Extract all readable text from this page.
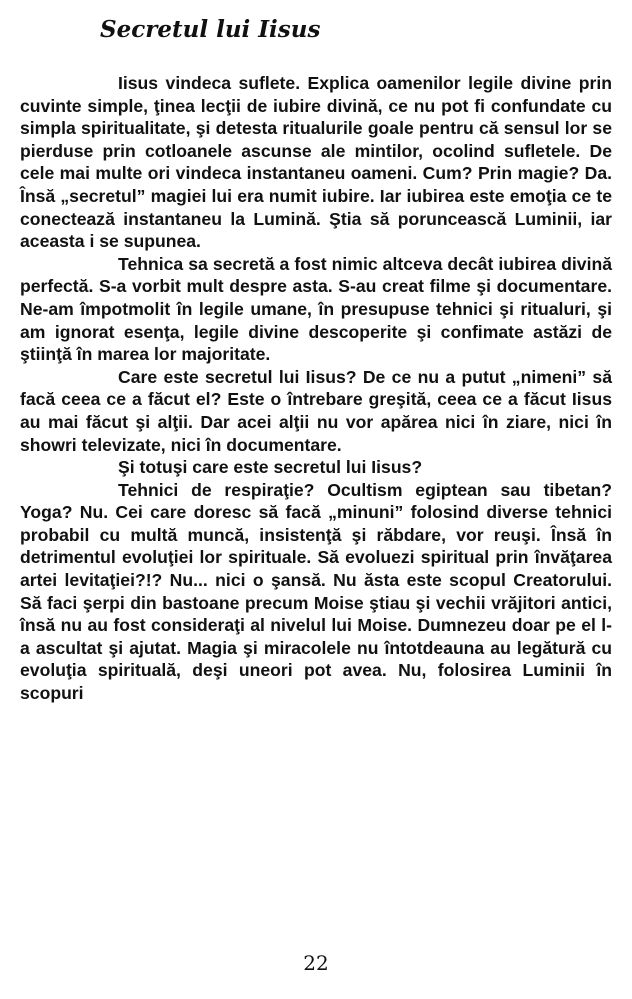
Secretul lui Iisus

Iisus vindeca suflete. Explica oamenilor legile divine prin cuvinte simple, ţinea lecţii de iubire divină, ce nu pot fi confundate cu simpla spiritualitate, şi detesta ritualurile goale pentru că sensul lor se pierduse prin cotloanele ascunse ale mintilor, ocolind sufletele. De cele mai multe ori vindeca instantaneu oameni. Cum? Prin magie? Da. Însă „secretul” magiei lui era numit iubire. Iar iubirea este emoţia ce te conectează instantaneu la Lumină. Ştia să poruncească Luminii, iar aceasta i se supunea.

Tehnica sa secretă a fost nimic altceva decât iubirea divină perfectă. S-a vorbit mult despre asta. S-au creat filme şi documentare. Ne-am împotmolit în legile umane, în presupuse tehnici şi ritualuri, şi am ignorat esenţa, legile divine descoperite şi confimate astăzi de ştiinţă în marea lor majoritate.

Care este secretul lui Iisus? De ce nu a putut „nimeni” să facă ceea ce a făcut el? Este o întrebare greşită, ceea ce a făcut Iisus au mai făcut şi alţii. Dar acei alţii nu vor apărea nici în ziare, nici în showri televizate, nici în documentare.

Şi totuşi care este secretul lui Iisus?

Tehnici de respiraţie? Ocultism egiptean sau tibetan? Yoga? Nu. Cei care doresc să facă „minuni” folosind diverse tehnici probabil cu multă muncă, insistenţă şi răbdare, vor reuşi. Însă în detrimentul evoluţiei lor spirituale. Să evoluezi spiritual prin învăţarea artei levitaţiei?!? Nu... nici o şansă. Nu ăsta este scopul Creatorului. Să faci şerpi din bastoane precum Moise ştiau şi vechii vrăjitori antici, însă nu au fost consideraţi al nivelul lui Moise. Dumnezeu doar pe el l-a ascultat şi ajutat. Magia şi miracolele nu întotdeauna au legătură cu evoluţia spirituală, deşi uneori pot avea. Nu, folosirea Luminii în scopuri

22
